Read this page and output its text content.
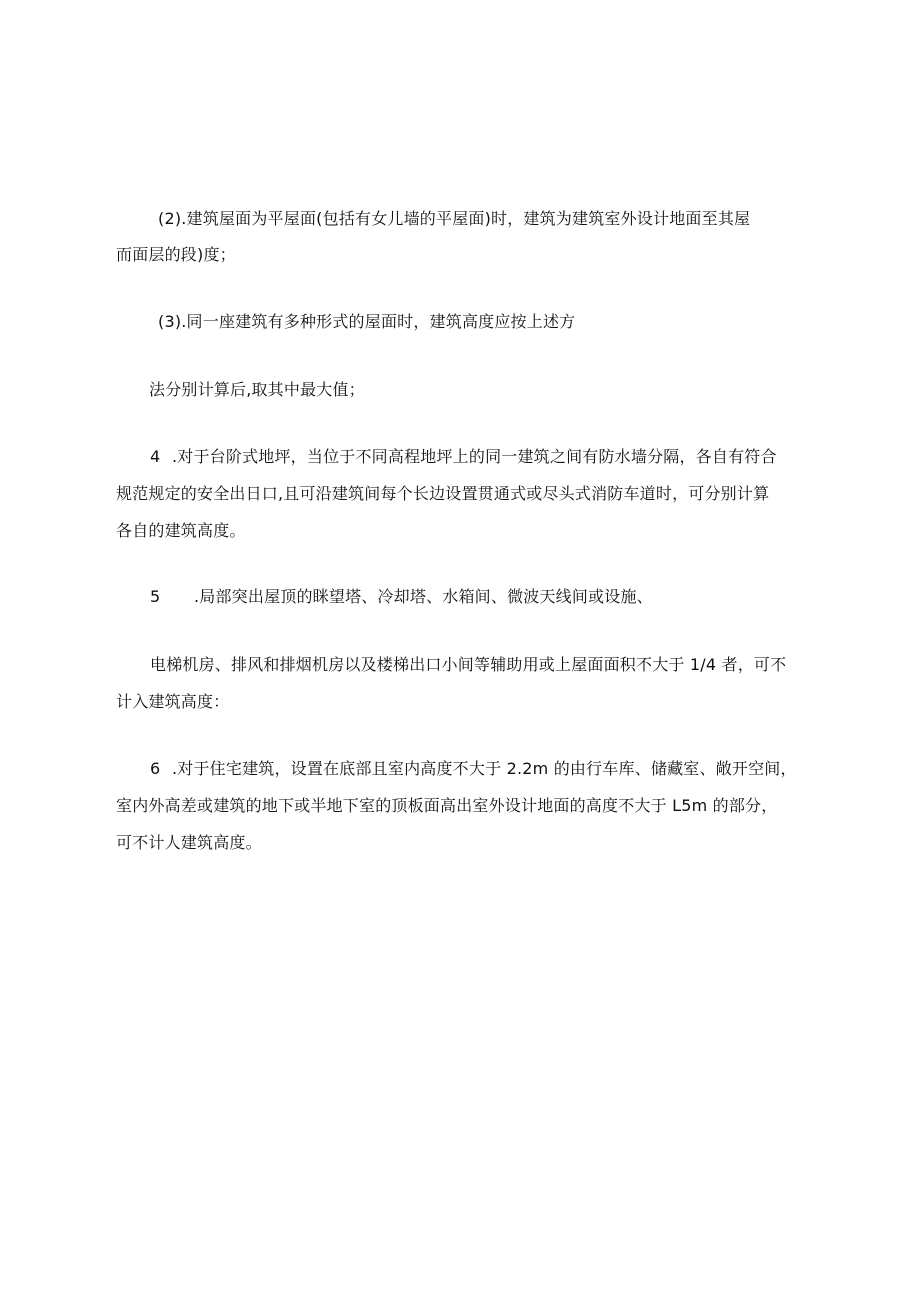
(2).建筑屋面为平屋面(包括有女儿墙的平屋面)时，建筑为建筑室外设计地面至其屋
而面层的段)度；
(3).同一座建筑有多种形式的屋面时，建筑高度应按上述方
法分别计算后,取其中最大值；
4 .对于台阶式地坪，当位于不同高程地坪上的同一建筑之间有防水墙分隔，各自有符合
规范规定的安全出日口,且可沿建筑间每个长边设置贯通式或尽头式消防车道时，可分别计算
各自的建筑高度。
5 .局部突出屋顶的眯望塔、冷却塔、水箱间、微波天线间或设施、
电梯机房、排风和排烟机房以及楼梯出口小间等辅助用或上屋面面积不大于 1/4 者，可不
计入建筑高度：
6 .对于住宅建筑，设置在底部且室内高度不大于 2.2m 的由行车库、储藏室、敞开空间，
室内外高差或建筑的地下或半地下室的顶板面高出室外设计地面的高度不大于 L5m 的部分，
可不计人建筑高度。
